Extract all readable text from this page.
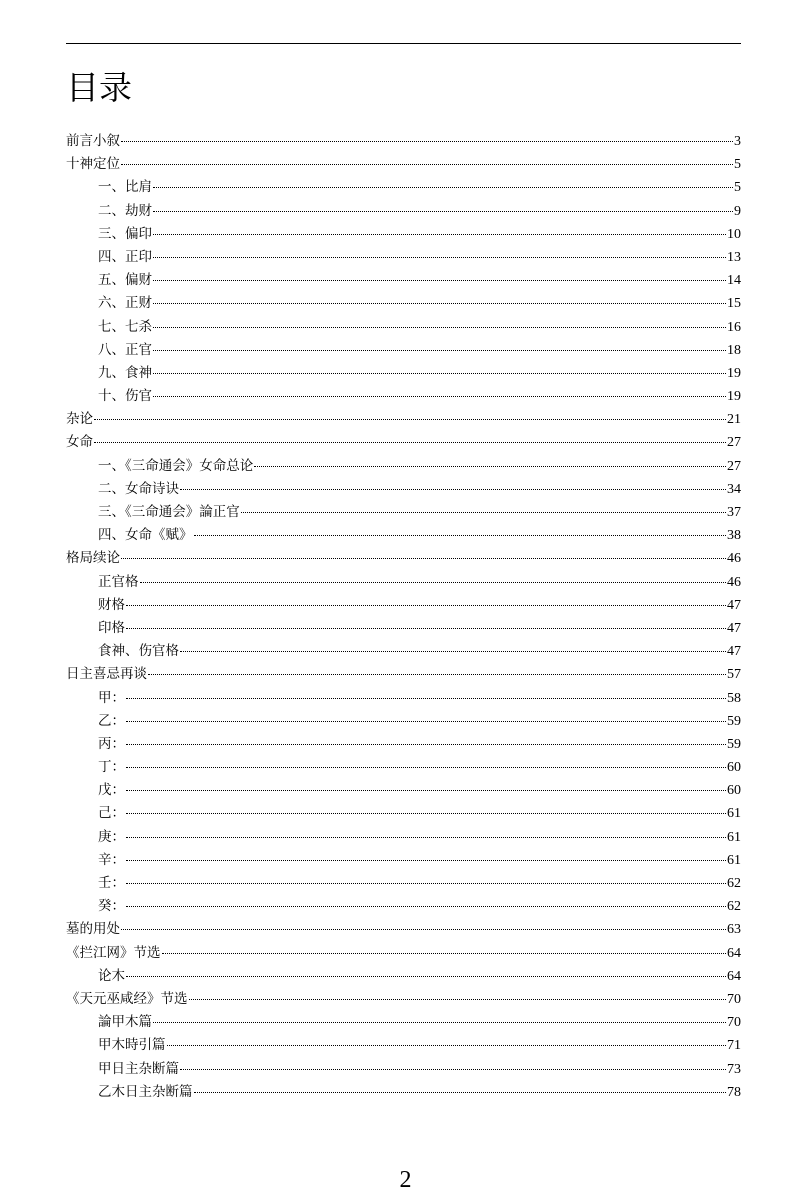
目录
前言小叙	3
十神定位	5
一、比肩	5
二、劫财	9
三、偏印	10
四、正印	13
五、偏财	14
六、正财	15
七、七杀	16
八、正官	18
九、食神	19
十、伤官	19
杂论	21
女命	27
一、《三命通会》女命总论	27
二、女命诗诀	34
三、《三命通会》論正官	37
四、女命《赋》	38
格局续论	46
正官格	46
财格	47
印格	47
食神、伤官格	47
日主喜忌再谈	57
甲：	58
乙：	59
丙：	59
丁：	60
戊：	60
己：	61
庚：	61
辛：	61
壬：	62
癸：	62
墓的用处	63
《拦江网》节选	64
论木	64
《天元巫咸经》节选	70
論甲木篇	70
甲木時引篇	71
甲日主杂断篇	73
乙木日主杂断篇	78
2
